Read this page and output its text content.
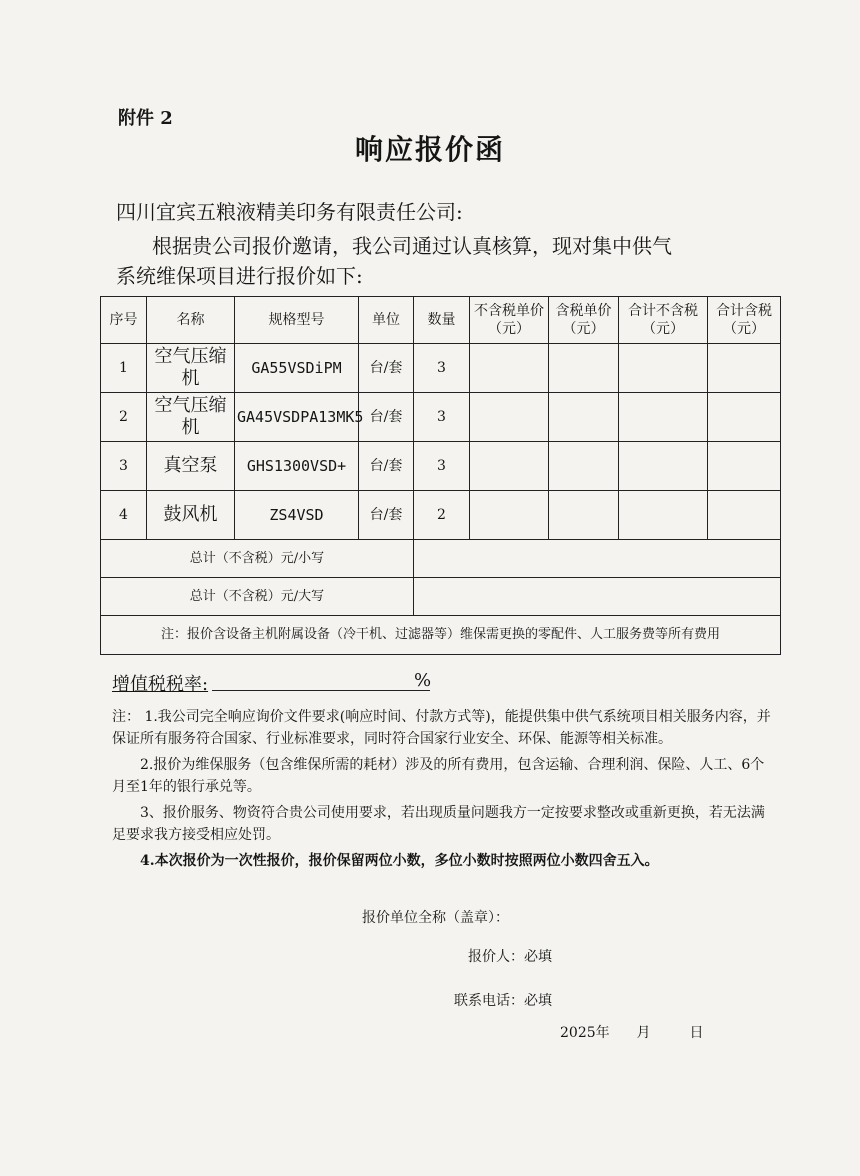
附件 2
响应报价函
四川宜宾五粮液精美印务有限责任公司:
根据贵公司报价邀请，我公司通过认真核算，现对集中供气
系统维保项目进行报价如下:
序号	名称	规格型号	单位	数量	不含税单价（元）	含税单价（元）	合计不含税（元）	合计含税（元）
1	空气压缩机	GA55VSDiPM	台/套	3				
2	空气压缩机	GA45VSDPA13MK5	台/套	3				
3	真空泵	GHS1300VSD+	台/套	3				
4	鼓风机	ZS4VSD	台/套	2				
总计（不含税）元/小写								
总计（不含税）元/大写								
注：报价含设备主机附属设备（冷干机、过滤器等）维保需更换的零配件、人工服务费等所有费用								
增值税税率:	%

注： 1.我公司完全响应询价文件要求(响应时间、付款方式等)，能提供集中供气系统项目相关服务内容，并保证所有服务符合国家、行业标准要求，同时符合国家行业安全、环保、能源等相关标准。

2.报价为维保服务（包含维保所需的耗材）涉及的所有费用，包含运输、合理利润、保险、人工、6个月至1年的银行承兑等。

3、报价服务、物资符合贵公司使用要求，若出现质量问题我方一定按要求整改或重新更换，若无法满足要求我方接受相应处罚。

4.本次报价为一次性报价，报价保留两位小数，多位小数时按照两位小数四舍五入。

报价单位全称（盖章）：
报价人：必填
联系电话：必填
2025年 月	日
